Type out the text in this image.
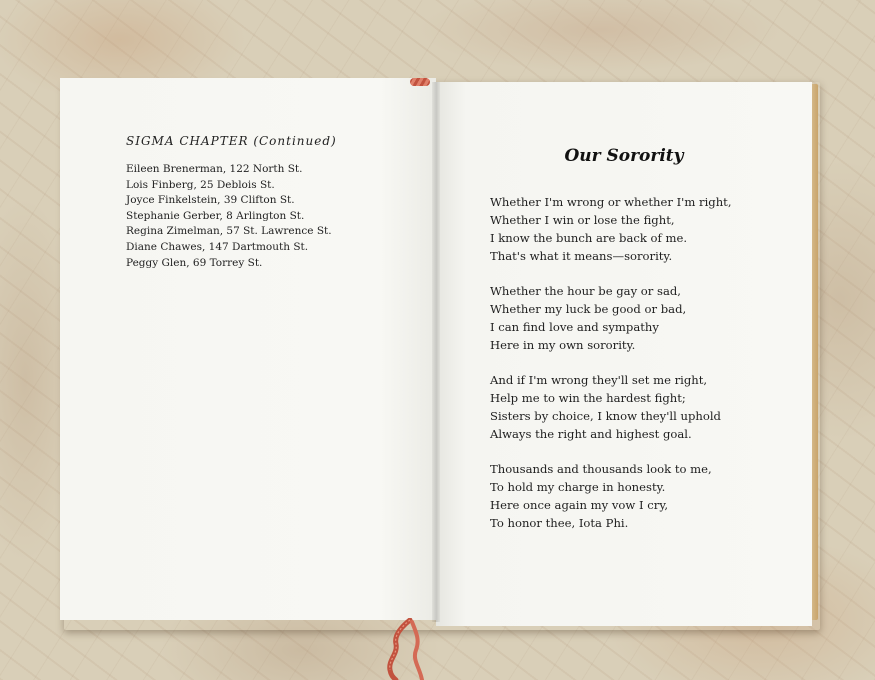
SIGMA CHAPTER (Continued)
Eileen Brenerman, 122 North St.
Lois Finberg, 25 Deblois St.
Joyce Finkelstein, 39 Clifton St.
Stephanie Gerber, 8 Arlington St.
Regina Zimelman, 57 St. Lawrence St.
Diane Chawes, 147 Dartmouth St.
Peggy Glen, 69 Torrey St.
Our Sorority

Whether I'm wrong or whether I'm right,
Whether I win or lose the fight,
I know the bunch are back of me.
That's what it means—sorority.

Whether the hour be gay or sad,
Whether my luck be good or bad,
I can find love and sympathy
Here in my own sorority.

And if I'm wrong they'll set me right,
Help me to win the hardest fight;
Sisters by choice, I know they'll uphold
Always the right and highest goal.

Thousands and thousands look to me,
To hold my charge in honesty.
Here once again my vow I cry,
To honor thee, Iota Phi.
